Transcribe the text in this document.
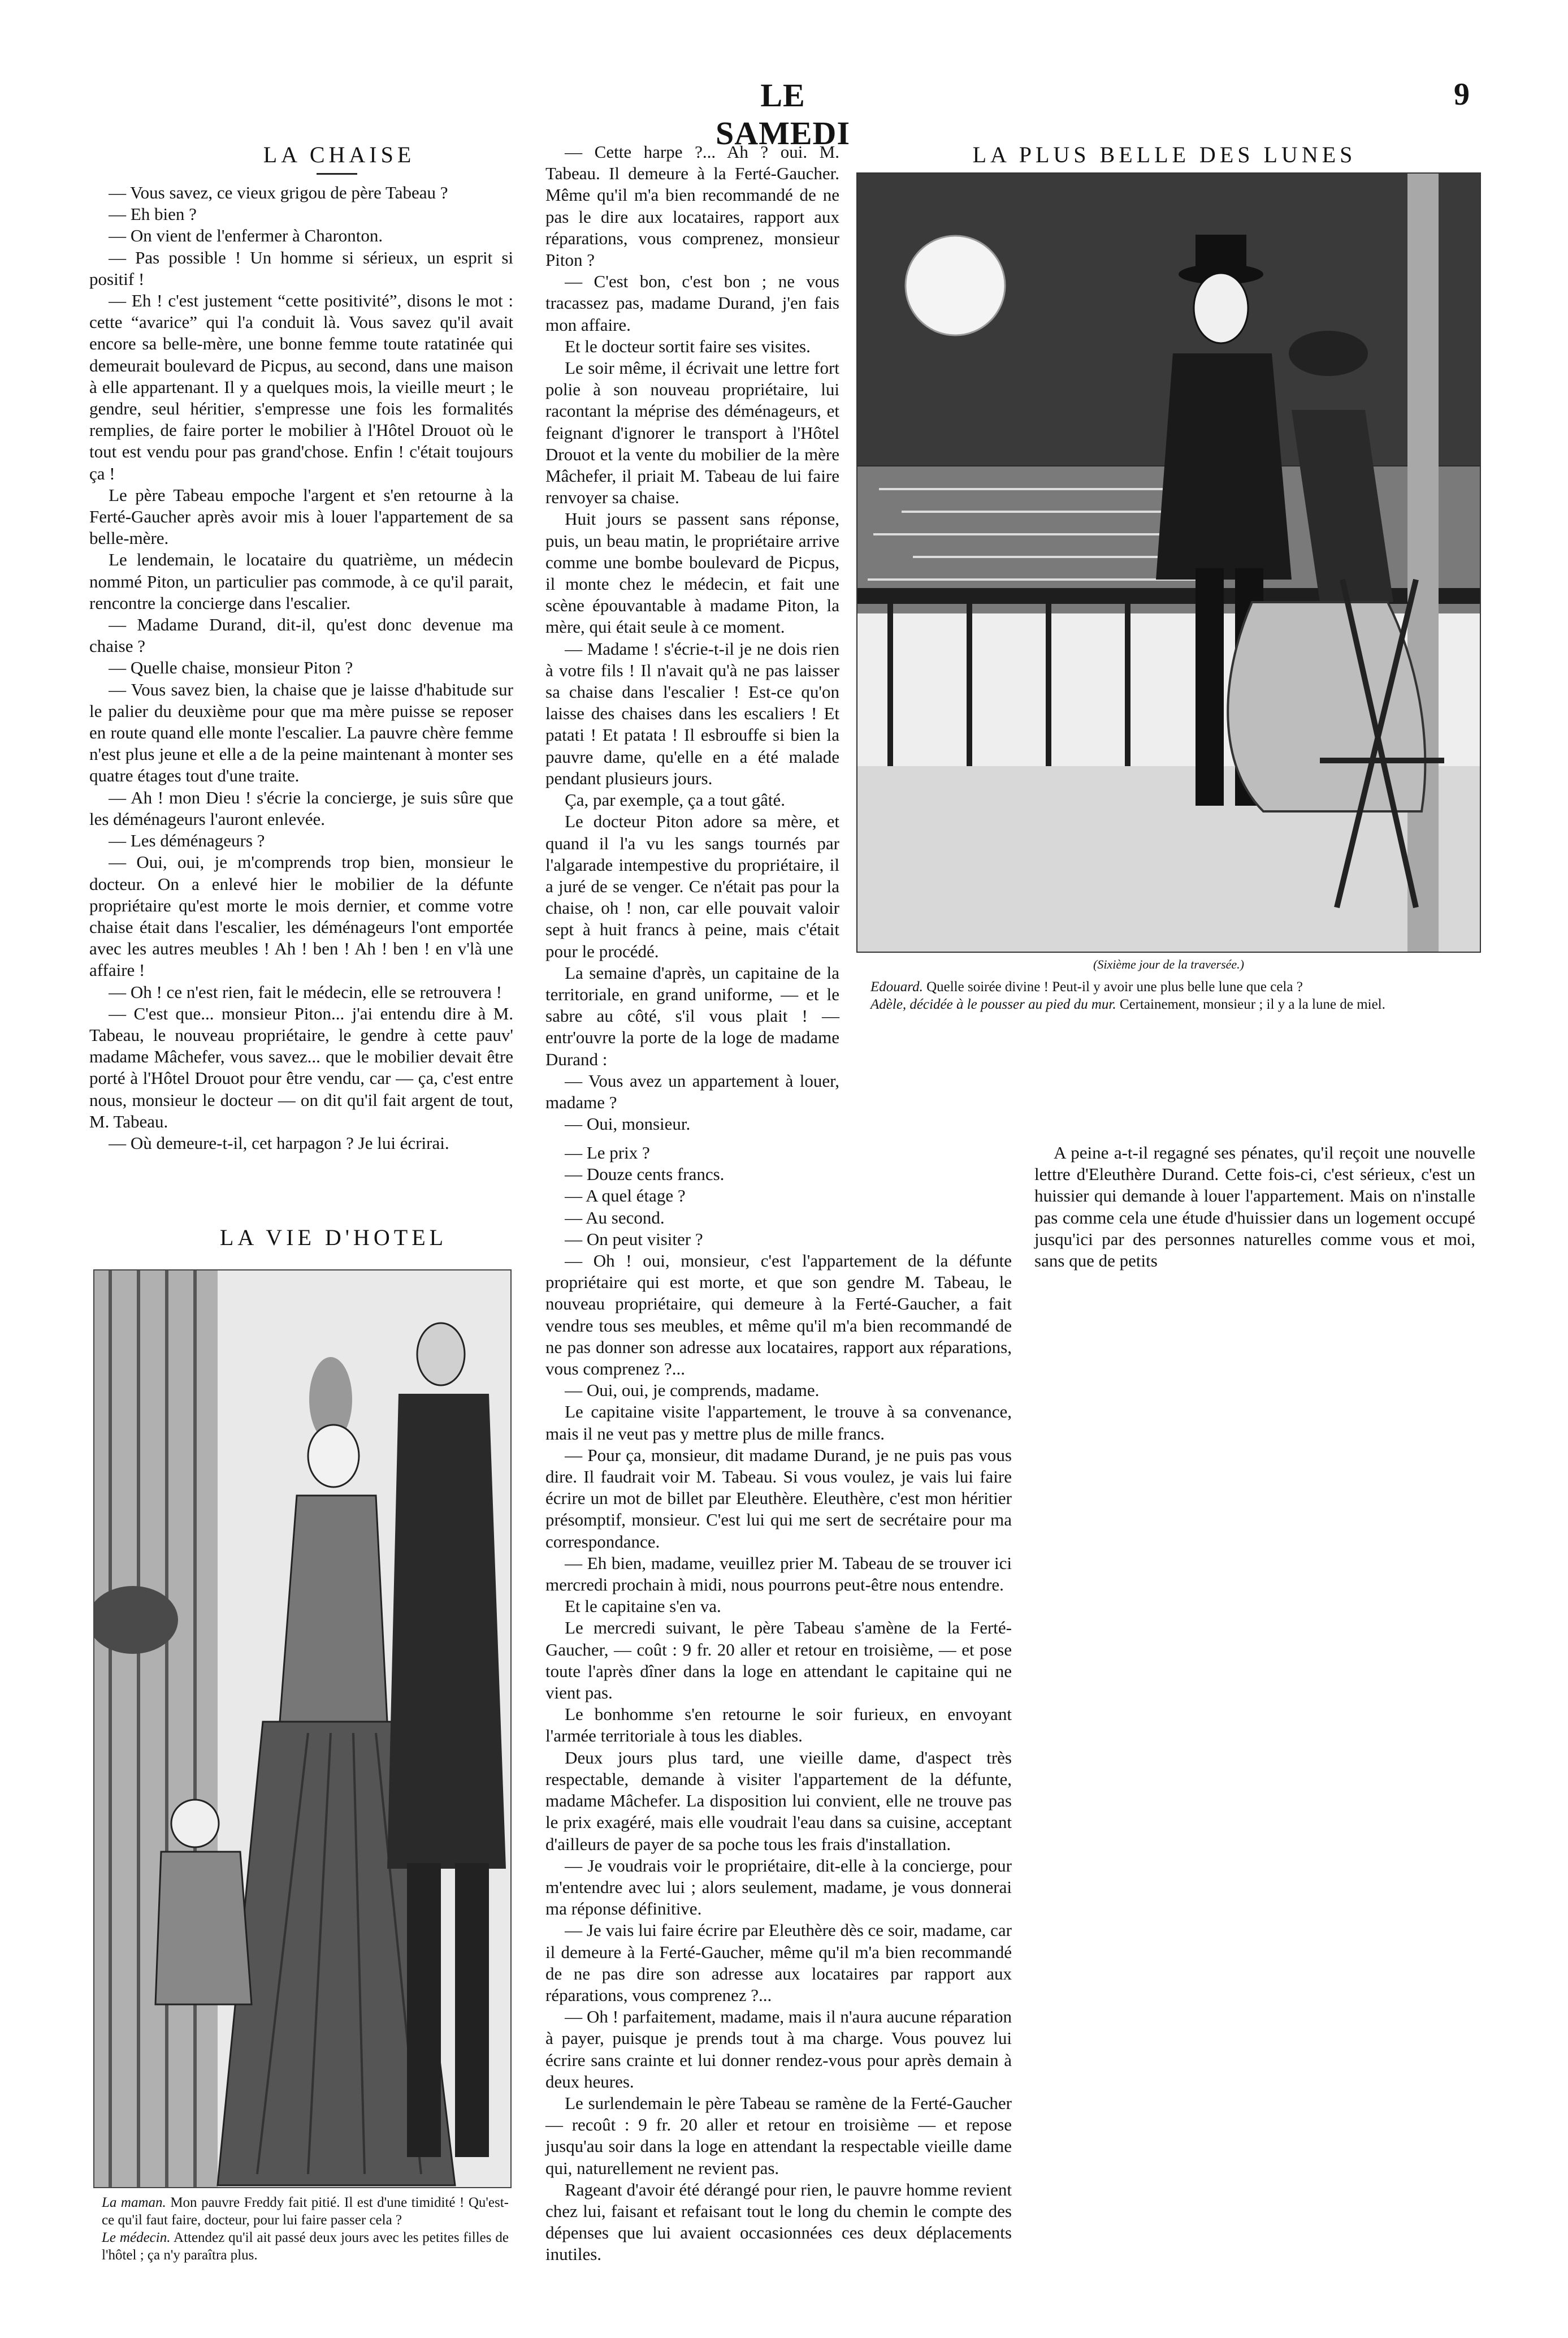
LE SAMEDI
9
LA CHAISE
LA VIE D'HOTEL
LA PLUS BELLE DES LUNES

— Vous savez, ce vieux grigou de père Tabeau ?

— Eh bien ?

— On vient de l'enfermer à Charonton.

— Pas possible ! Un homme si sérieux, un esprit si positif !

— Eh ! c'est justement “cette positivité”, disons le mot : cette “avarice” qui l'a conduit là. Vous savez qu'il avait encore sa belle-mère, une bonne femme toute ratatinée qui demeurait boulevard de Picpus, au second, dans une maison à elle appartenant. Il y a quelques mois, la vieille meurt ; le gendre, seul héritier, s'empresse une fois les formalités remplies, de faire porter le mobilier à l'Hôtel Drouot où le tout est vendu pour pas grand'chose. Enfin ! c'était toujours ça !

Le père Tabeau empoche l'argent et s'en retourne à la Ferté-Gaucher après avoir mis à louer l'appartement de sa belle-mère.

Le lendemain, le locataire du quatrième, un médecin nommé Piton, un particulier pas commode, à ce qu'il parait, rencontre la concierge dans l'escalier.

— Madame Durand, dit-il, qu'est donc devenue ma chaise ?

— Quelle chaise, monsieur Piton ?

— Vous savez bien, la chaise que je laisse d'habitude sur le palier du deuxième pour que ma mère puisse se reposer en route quand elle monte l'escalier. La pauvre chère femme n'est plus jeune et elle a de la peine maintenant à monter ses quatre étages tout d'une traite.

— Ah ! mon Dieu ! s'écrie la concierge, je suis sûre que les déménageurs l'auront enlevée.

— Les déménageurs ?

— Oui, oui, je m'comprends trop bien, monsieur le docteur. On a enlevé hier le mobilier de la défunte propriétaire qu'est morte le mois dernier, et comme votre chaise était dans l'escalier, les déménageurs l'ont emportée avec les autres meubles ! Ah ! ben ! Ah ! ben ! en v'là une affaire !

— Oh ! ce n'est rien, fait le médecin, elle se retrouvera !

— C'est que... monsieur Piton... j'ai entendu dire à M. Tabeau, le nouveau propriétaire, le gendre à cette pauv' madame Mâchefer, vous savez... que le mobilier devait être porté à l'Hôtel Drouot pour être vendu, car — ça, c'est entre nous, monsieur le docteur — on dit qu'il fait argent de tout, M. Tabeau.

— Où demeure-t-il, cet harpagon ? Je lui écrirai.

— Cette harpe ?... Ah ? oui. M. Tabeau. Il demeure à la Ferté-Gaucher. Même qu'il m'a bien recommandé de ne pas le dire aux locataires, rapport aux réparations, vous comprenez, monsieur Piton ?

— C'est bon, c'est bon ; ne vous tracassez pas, madame Durand, j'en fais mon affaire.

Et le docteur sortit faire ses visites.

Le soir même, il écrivait une lettre fort polie à son nouveau propriétaire, lui racontant la méprise des déménageurs, et feignant d'ignorer le transport à l'Hôtel Drouot et la vente du mobilier de la mère Mâchefer, il priait M. Tabeau de lui faire renvoyer sa chaise.

Huit jours se passent sans réponse, puis, un beau matin, le propriétaire arrive comme une bombe boulevard de Picpus, il monte chez le médecin, et fait une scène épouvantable à madame Piton, la mère, qui était seule à ce moment.

— Madame ! s'écrie-t-il je ne dois rien à votre fils ! Il n'avait qu'à ne pas laisser sa chaise dans l'escalier ! Est-ce qu'on laisse des chaises dans les escaliers ! Et patati ! Et patata ! Il esbrouffe si bien la pauvre dame, qu'elle en a été malade pendant plusieurs jours.

Ça, par exemple, ça a tout gâté.

Le docteur Piton adore sa mère, et quand il l'a vu les sangs tournés par l'algarade intempestive du propriétaire, il a juré de se venger. Ce n'était pas pour la chaise, oh ! non, car elle pouvait valoir sept à huit francs à peine, mais c'était pour le procédé.

La semaine d'après, un capitaine de la territoriale, en grand uniforme, — et le sabre au côté, s'il vous plait ! — entr'ouvre la porte de la loge de madame Durand :

— Vous avez un appartement à louer, madame ?

— Oui, monsieur.

— Le prix ?

— Douze cents francs.

— A quel étage ?

— Au second.

— On peut visiter ?

— Oh ! oui, monsieur, c'est l'appartement de la défunte propriétaire qui est morte, et que son gendre M. Tabeau, le nouveau propriétaire, qui demeure à la Ferté-Gaucher, a fait vendre tous ses meubles, et même qu'il m'a bien recommandé de ne pas donner son adresse aux locataires, rapport aux réparations, vous comprenez ?...

— Oui, oui, je comprends, madame.

Le capitaine visite l'appartement, le trouve à sa convenance, mais il ne veut pas y mettre plus de mille francs.

— Pour ça, monsieur, dit madame Durand, je ne puis pas vous dire. Il faudrait voir M. Tabeau. Si vous voulez, je vais lui faire écrire un mot de billet par Eleuthère. Eleuthère, c'est mon héritier présomptif, monsieur. C'est lui qui me sert de secrétaire pour ma correspondance.

— Eh bien, madame, veuillez prier M. Tabeau de se trouver ici mercredi prochain à midi, nous pourrons peut-être nous entendre.

Et le capitaine s'en va.

Le mercredi suivant, le père Tabeau s'amène de la Ferté-Gaucher, — coût : 9 fr. 20 aller et retour en troisième, — et pose toute l'après dîner dans la loge en attendant le capitaine qui ne vient pas.

Le bonhomme s'en retourne le soir furieux, en envoyant l'armée territoriale à tous les diables.

Deux jours plus tard, une vieille dame, d'aspect très respectable, demande à visiter l'appartement de la défunte, madame Mâchefer. La disposition lui convient, elle ne trouve pas le prix exagéré, mais elle voudrait l'eau dans sa cuisine, acceptant d'ailleurs de payer de sa poche tous les frais d'installation.

— Je voudrais voir le propriétaire, dit-elle à la concierge, pour m'entendre avec lui ; alors seulement, madame, je vous donnerai ma réponse définitive.

— Je vais lui faire écrire par Eleuthère dès ce soir, madame, car il demeure à la Ferté-Gaucher, même qu'il m'a bien recommandé de ne pas dire son adresse aux locataires par rapport aux réparations, vous comprenez ?...

— Oh ! parfaitement, madame, mais il n'aura aucune réparation à payer, puisque je prends tout à ma charge. Vous pouvez lui écrire sans crainte et lui donner rendez-vous pour après demain à deux heures.

Le surlendemain le père Tabeau se ramène de la Ferté-Gaucher — recoût : 9 fr. 20 aller et retour en troisième — et repose jusqu'au soir dans la loge en attendant la respectable vieille dame qui, naturellement ne revient pas.

Rageant d'avoir été dérangé pour rien, le pauvre homme revient chez lui, faisant et refaisant tout le long du chemin le compte des dépenses que lui avaient occasionnées ces deux déplacements inutiles.

A peine a-t-il regagné ses pénates, qu'il reçoit une nouvelle lettre d'Eleuthère Durand. Cette fois-ci, c'est sérieux, c'est un huissier qui demande à louer l'appartement. Mais on n'installe pas comme cela une étude d'huissier dans un logement occupé jusqu'ici par des personnes naturelles comme vous et moi, sans que de petits

(Sixième jour de la traversée.)
Edouard. Quelle soirée divine ! Peut-il y avoir une plus belle lune que cela ?
Adèle, décidée à le pousser au pied du mur. Certainement, monsieur ; il y a la lune de miel.
La maman. Mon pauvre Freddy fait pitié. Il est d'une timidité ! Qu'est-ce qu'il faut faire, docteur, pour lui faire passer cela ?
Le médecin. Attendez qu'il ait passé deux jours avec les petites filles de l'hôtel ; ça n'y paraîtra plus.
